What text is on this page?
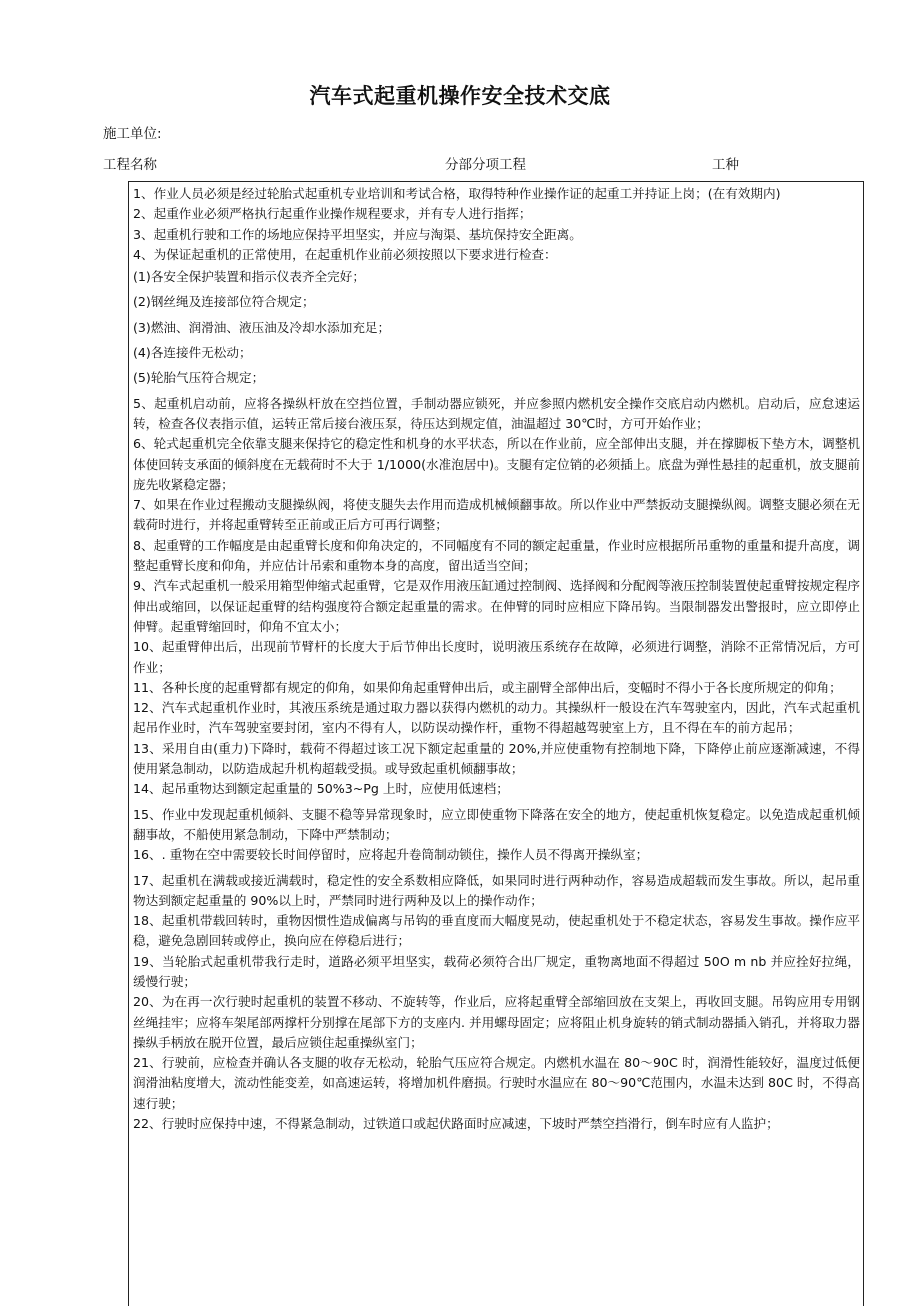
汽车式起重机操作安全技术交底
施工单位:
工程名称	分部分项工程	工种

1、作业人员必须是经过轮胎式起重机专业培训和考试合格，取得特种作业操作证的起重工并持证上岗；(在有效期内)

2、起重作业必须严格执行起重作业操作规程要求，并有专人进行指挥；

3、起重机行驶和工作的场地应保持平坦坚实，并应与淘渠、基坑保持安全距离。

4、为保证起重机的正常使用，在起重机作业前必须按照以下要求进行检查：

(1)各安全保护装置和指示仪表齐全完好；

(2)钢丝绳及连接部位符合规定；

(3)燃油、润滑油、液压油及冷却水添加充足；

(4)各连接件无松动；

(5)轮胎气压符合规定；

5、起重机启动前，应将各操纵杆放在空挡位置，手制动器应锁死，并应参照内燃机安全操作交底启动内燃机。启动后，应怠速运转，检查各仪表指示值，运转正常后接台液压泵，待压达到规定值，油温超过 30℃时，方可开始作业；

6、轮式起重机完全依靠支腿来保持它的稳定性和机身的水平状态，所以在作业前，应全部伸出支腿，并在撑脚板下垫方木，调整机体使回转支承面的倾斜度在无载荷时不大于 1/1000(水准泡居中)。支腿有定位销的必须插上。底盘为弹性悬挂的起重机，放支腿前庞先收紧稳定器；

7、如果在作业过程搬动支腿操纵阀，将使支腿失去作用而造成机械倾翻事故。所以作业中严禁扳动支腿操纵阀。调整支腿必须在无载荷时进行，并将起重臂转至正前或正后方可再行调整；

8、起重臂的工作幅度是由起重臂长度和仰角决定的，不同幅度有不同的额定起重量，作业时应根据所吊重物的重量和提升高度，调整起重臂长度和仰角，并应估计吊索和重物本身的高度，留出适当空间；

9、汽车式起重机一般采用箱型伸缩式起重臂，它是双作用液压缸通过控制阀、选择阀和分配阀等液压控制装置使起重臂按规定程序伸出或缩回，以保证起重臂的结构强度符合额定起重量的需求。在伸臂的同时应相应下降吊钩。当限制器发出警报时，应立即停止伸臂。起重臂缩回时，仰角不宜太小；

10、起重臂伸出后，出现前节臂杆的长度大于后节伸出长度时，说明液压系统存在故障，必须进行调整，消除不正常情况后，方可作业；

11、各种长度的起重臂都有规定的仰角，如果仰角起重臂伸出后，或主副臂全部伸出后，变幅时不得小于各长度所规定的仰角；

12、汽车式起重机作业时，其液压系统是通过取力器以获得内燃机的动力。其操纵杆一般设在汽车驾驶室内，因此，汽车式起重机起吊作业时，汽车驾驶室要封闭，室内不得有人，以防误动操作杆，重物不得超越驾驶室上方，且不得在车的前方起吊；

13、采用自由(重力)下降时，载荷不得超过该工况下额定起重量的 20%,并应使重物有控制地下降，下降停止前应逐渐减速，不得使用紧急制动，以防造成起升机构超载受损。或导致起重机倾翻事故；

14、起吊重物达到额定起重量的 50%3~Pg 上时，应使用低速档；

15、作业中发现起重机倾斜、支腿不稳等异常现象时，应立即使重物下降落在安全的地方，使起重机恢复稳定。以免造成起重机倾翻事故，不船使用紧急制动，下降中严禁制动；

16、. 重物在空中需要较长时间停留时，应将起升卷筒制动锁住，操作人员不得离开操纵室；

17、起重机在满载或接近满载时，稳定性的安全系数相应降低，如果同时进行两种动作，容易造成超载而发生事故。所以，起吊重物达到额定起重量的 90%以上时，严禁同时进行两种及以上的操作动作；

18、起重机带载回转时，重物因惯性造成偏离与吊钩的垂直度而大幅度晃动，使起重机处于不稳定状态，容易发生事故。操作应平稳，避免急剧回转或停止，换向应在停稳后进行；

19、当轮胎式起重机带我行走时，道路必须平坦坚实，载荷必须符合出厂规定，重物离地面不得超过 50O m nb 并应拴好拉绳，缓慢行驶；

20、为在再一次行驶时起重机的装置不移动、不旋转等，作业后，应将起重臂全部缩回放在支架上，再收回支腿。吊钩应用专用钢丝绳挂牢；应将车架尾部两撑杆分别撑在尾部下方的支座内. 并用螺母固定；应将阻止机身旋转的销式制动器插入销孔，并将取力器操纵手柄放在脱开位置，最后应锁住起重操纵室门；

21、行驶前，应检查并确认各支腿的收存无松动，轮胎气压应符合规定。内燃机水温在 80～90C 时，润滑性能较好，温度过低便润滑油粘度增大，流动性能变差，如高速运转，将增加机件磨损。行驶时水温应在 80～90℃范围内，水温未达到 80C 时，不得高速行驶；

22、行驶时应保持中速，不得紧急制动，过铁道口或起伏路面时应减速，下坡时严禁空挡滑行，倒车时应有人监护；
